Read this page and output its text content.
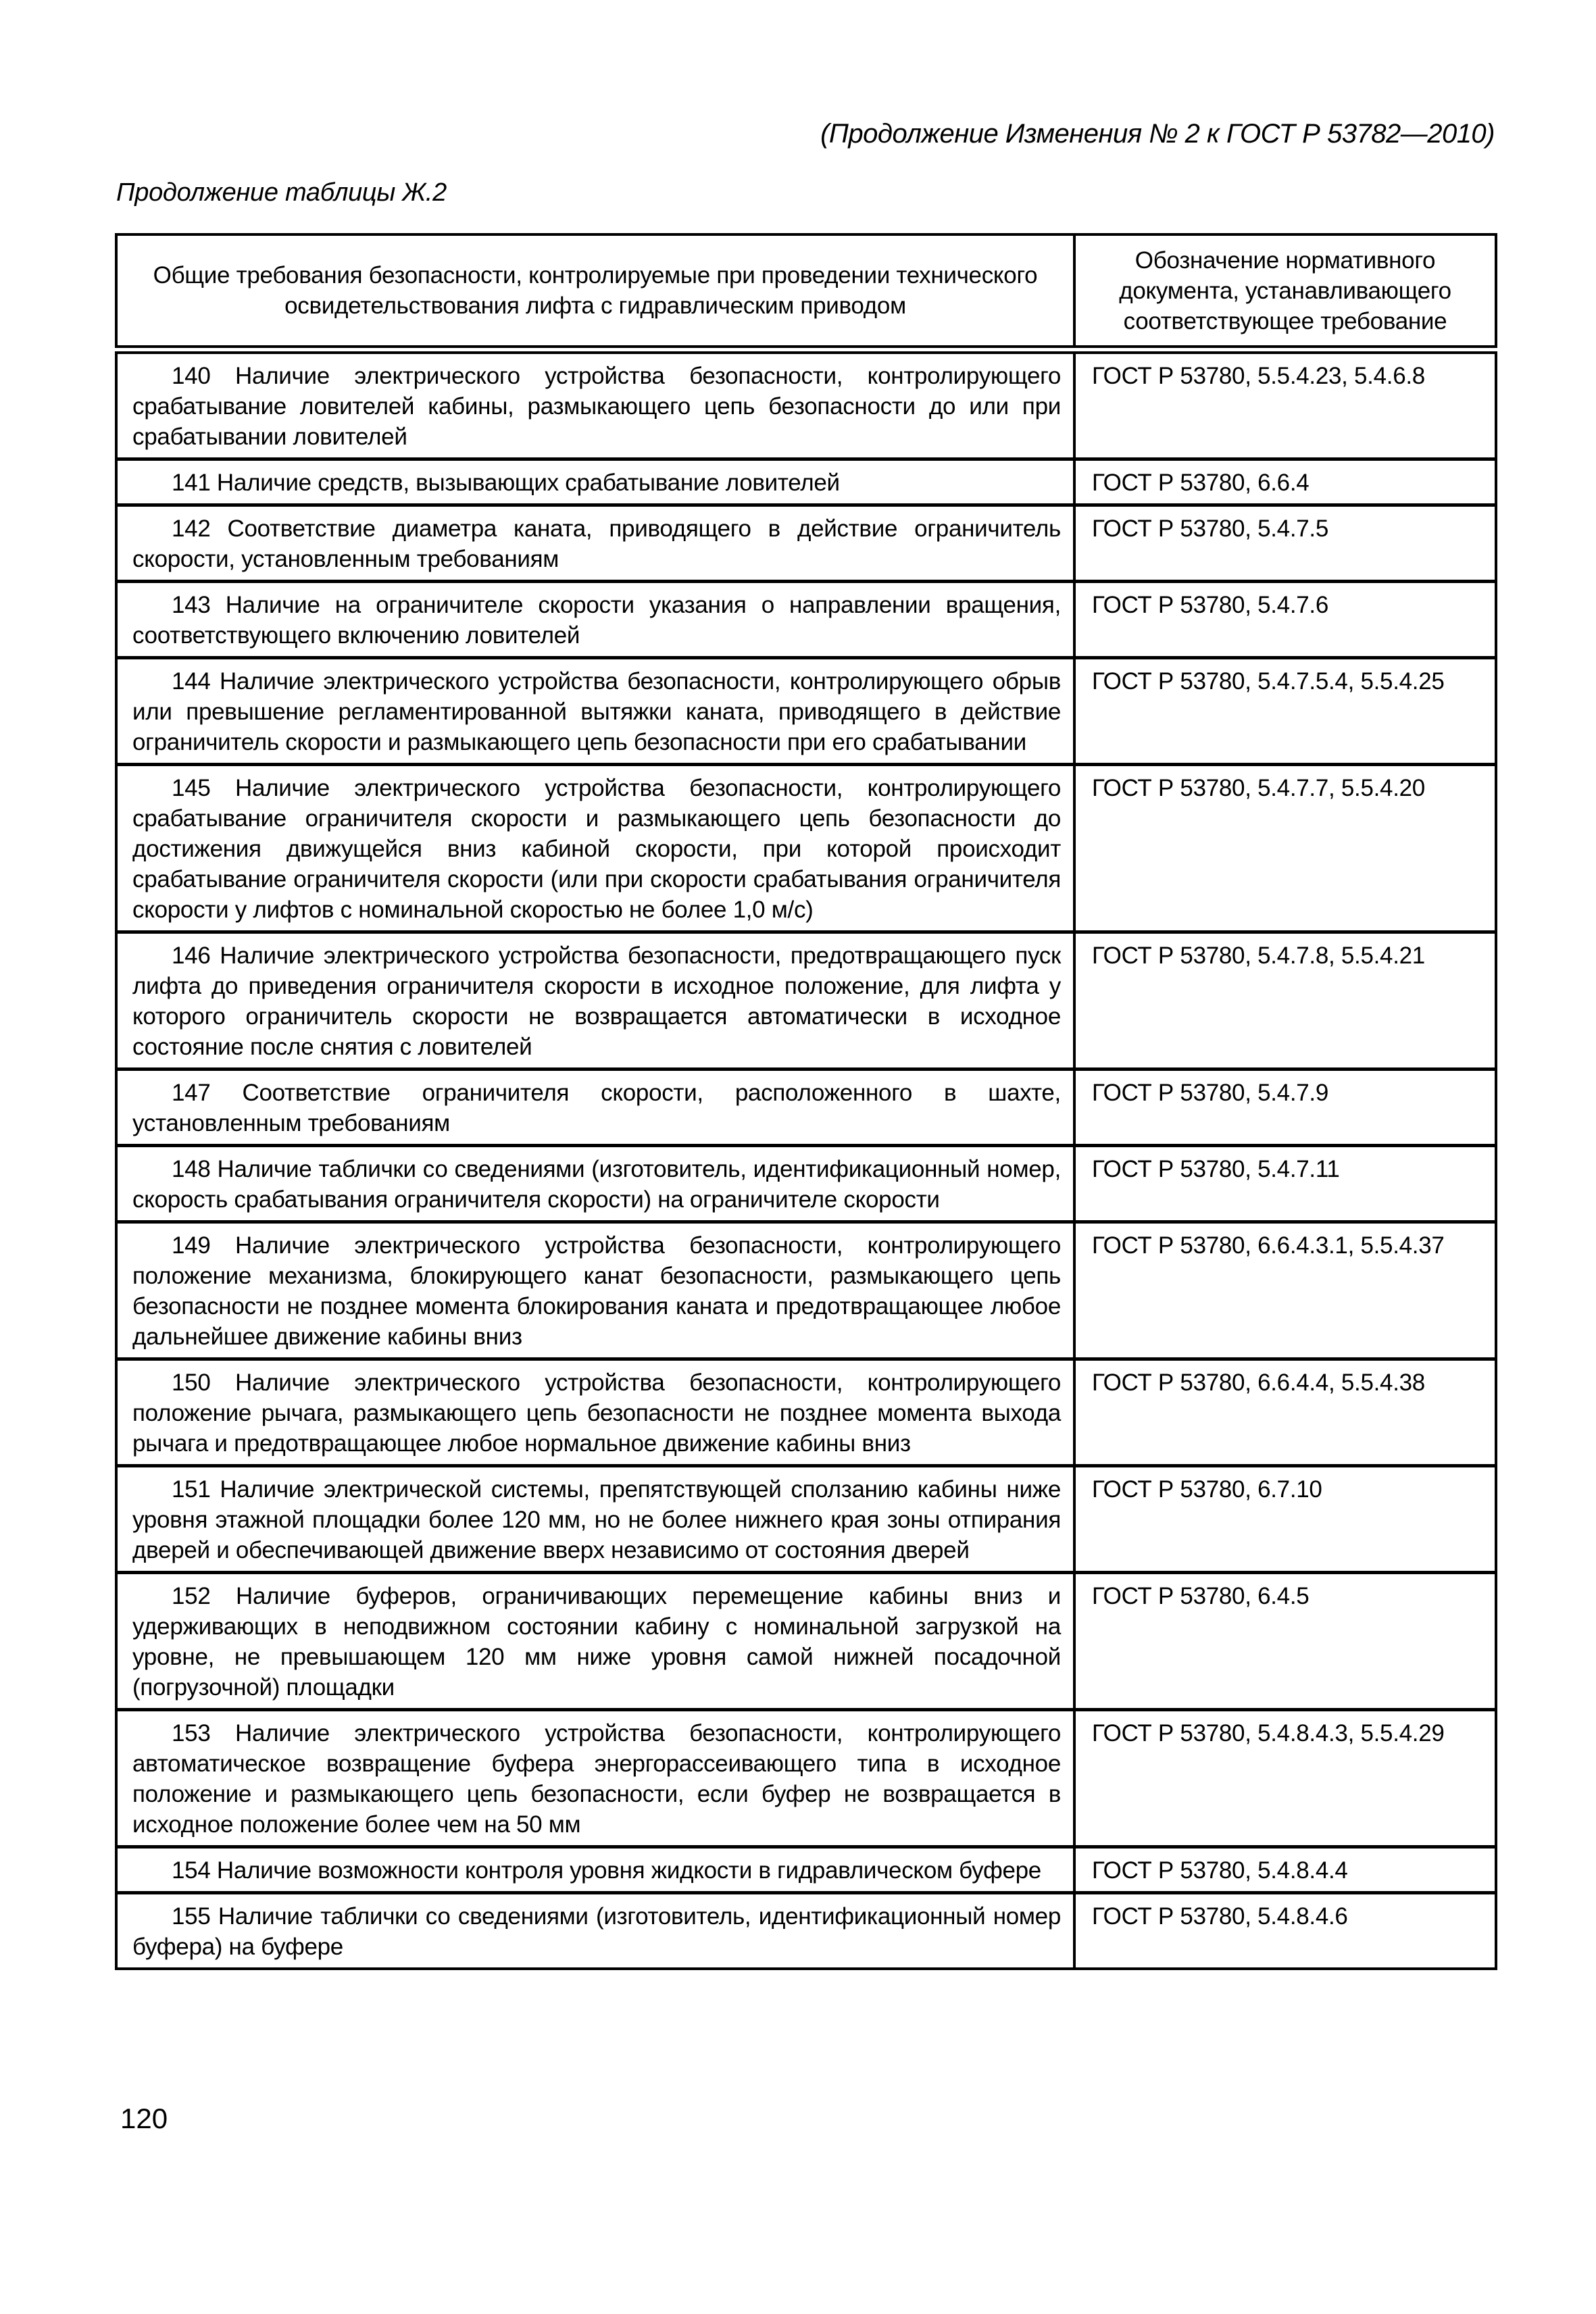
(Продолжение Изменения № 2 к ГОСТ Р 53782—2010)
Продолжение таблицы Ж.2
Общие требования безопасности, контролируемые при проведении технического освидетельствования лифта с гидравлическим приводом	Обозначение нормативного документа, устанавливающего соответствующее требование
140 Наличие электрического устройства безопасности, контролирующего срабатывание ловителей кабины, размыкающего цепь безопасности до или при срабатывании ловителей	ГОСТ Р 53780, 5.5.4.23, 5.4.6.8
141 Наличие средств, вызывающих срабатывание ловителей	ГОСТ Р 53780, 6.6.4
142 Соответствие диаметра каната, приводящего в действие ограничитель скорости, установленным требованиям	ГОСТ Р 53780, 5.4.7.5
143 Наличие на ограничителе скорости указания о направлении вращения, соответствующего включению ловителей	ГОСТ Р 53780, 5.4.7.6
144 Наличие электрического устройства безопасности, контролирующего обрыв или превышение регламентированной вытяжки каната, приводящего в действие ограничитель скорости и размыкающего цепь безопасности при его срабатывании	ГОСТ Р 53780, 5.4.7.5.4, 5.5.4.25
145 Наличие электрического устройства безопасности, контролирующего срабатывание ограничителя скорости и размыкающего цепь безопасности до достижения движущейся вниз кабиной скорости, при которой происходит срабатывание ограничителя скорости (или при скорости срабатывания ограничителя скорости у лифтов с номинальной скоростью не более 1,0 м/с)	ГОСТ Р 53780, 5.4.7.7, 5.5.4.20
146 Наличие электрического устройства безопасности, предотвращающего пуск лифта до приведения ограничителя скорости в исходное положение, для лифта у которого ограничитель скорости не возвращается автоматически в исходное состояние после снятия с ловителей	ГОСТ Р 53780, 5.4.7.8, 5.5.4.21
147 Соответствие ограничителя скорости, расположенного в шахте, установленным требованиям	ГОСТ Р 53780, 5.4.7.9
148 Наличие таблички со сведениями (изготовитель, идентификационный номер, скорость срабатывания ограничителя скорости) на ограничителе скорости	ГОСТ Р 53780, 5.4.7.11
149 Наличие электрического устройства безопасности, контролирующего положение механизма, блокирующего канат безопасности, размыкающего цепь безопасности не позднее момента блокирования каната и предотвращающее любое дальнейшее движение кабины вниз	ГОСТ Р 53780, 6.6.4.3.1, 5.5.4.37
150 Наличие электрического устройства безопасности, контролирующего положение рычага, размыкающего цепь безопасности не позднее момента выхода рычага и предотвращающее любое нормальное движение кабины вниз	ГОСТ Р 53780, 6.6.4.4, 5.5.4.38
151 Наличие электрической системы, препятствующей сползанию кабины ниже уровня этажной площадки более 120 мм, но не более нижнего края зоны отпирания дверей и обеспечивающей движение вверх независимо от состояния дверей	ГОСТ Р 53780, 6.7.10
152 Наличие буферов, ограничивающих перемещение кабины вниз и удерживающих в неподвижном состоянии кабину с номинальной загрузкой на уровне, не превышающем 120 мм ниже уровня самой нижней посадочной (погрузочной) площадки	ГОСТ Р 53780, 6.4.5
153 Наличие электрического устройства безопасности, контролирующего автоматическое возвращение буфера энергорассеивающего типа в исходное положение и размыкающего цепь безопасности, если буфер не возвращается в исходное положение более чем на 50 мм	ГОСТ Р 53780, 5.4.8.4.3, 5.5.4.29
154 Наличие возможности контроля уровня жидкости в гидравлическом буфере	ГОСТ Р 53780, 5.4.8.4.4
155 Наличие таблички со сведениями (изготовитель, идентификационный номер буфера) на буфере	ГОСТ Р 53780, 5.4.8.4.6
120
